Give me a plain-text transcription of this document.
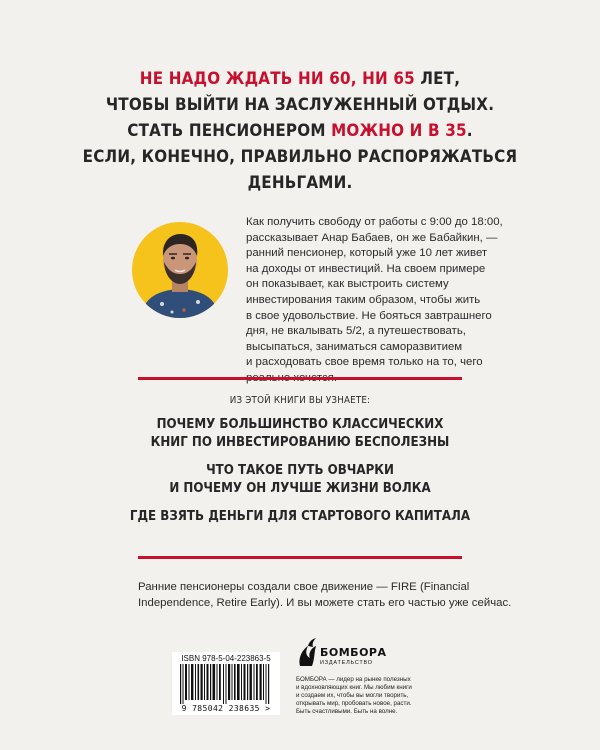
НЕ НАДО ЖДАТЬ НИ 60, НИ 65 ЛЕТ,
ЧТОБЫ ВЫЙТИ НА ЗАСЛУЖЕННЫЙ ОТДЫХ.
СТАТЬ ПЕНСИОНЕРОМ МОЖНО И В 35.
ЕСЛИ, КОНЕЧНО, ПРАВИЛЬНО РАСПОРЯЖАТЬСЯ
ДЕНЬГАМИ.
Как получить свободу от работы с 9:00 до 18:00,
рассказывает Анар Бабаев, он же Бабайкин, —
ранний пенсионер, который уже 10 лет живет
на доходы от инвестиций. На своем примере
он показывает, как выстроить систему
инвестирования таким образом, чтобы жить
в свое удовольствие. Не бояться завтрашнего
дня, не вкалывать 5/2, а путешествовать,
высыпаться, заниматься саморазвитием
и расходовать свое время только на то, чего
ИЗ ЭТОЙ КНИГИ ВЫ УЗНАЕТЕ:
ПОЧЕМУ БОЛЬШИНСТВО КЛАССИЧЕСКИХ
КНИГ ПО ИНВЕСТИРОВАНИЮ БЕСПОЛЕЗНЫ
ЧТО ТАКОЕ ПУТЬ ОВЧАРКИ
И ПОЧЕМУ ОН ЛУЧШЕ ЖИЗНИ ВОЛКА
ГДЕ ВЗЯТЬ ДЕНЬГИ ДЛЯ СТАРТОВОГО КАПИТАЛА
Ранние пенсионеры создали свое движение — FIRE (Financial
Independence, Retire Early). И вы можете стать его частью уже сейчас.
ISBN 978-5-04-223863-5
9 785042 238635 >
БОМБОРА
ИЗДАТЕЛЬСТВО
БОМБОРА — лидер на рынке полезных
и вдохновляющих книг. Мы любим книги
и создаем их, чтобы вы могли творить,
открывать мир, пробовать новое, расти.
Быть счастливыми. Быть на волне.
